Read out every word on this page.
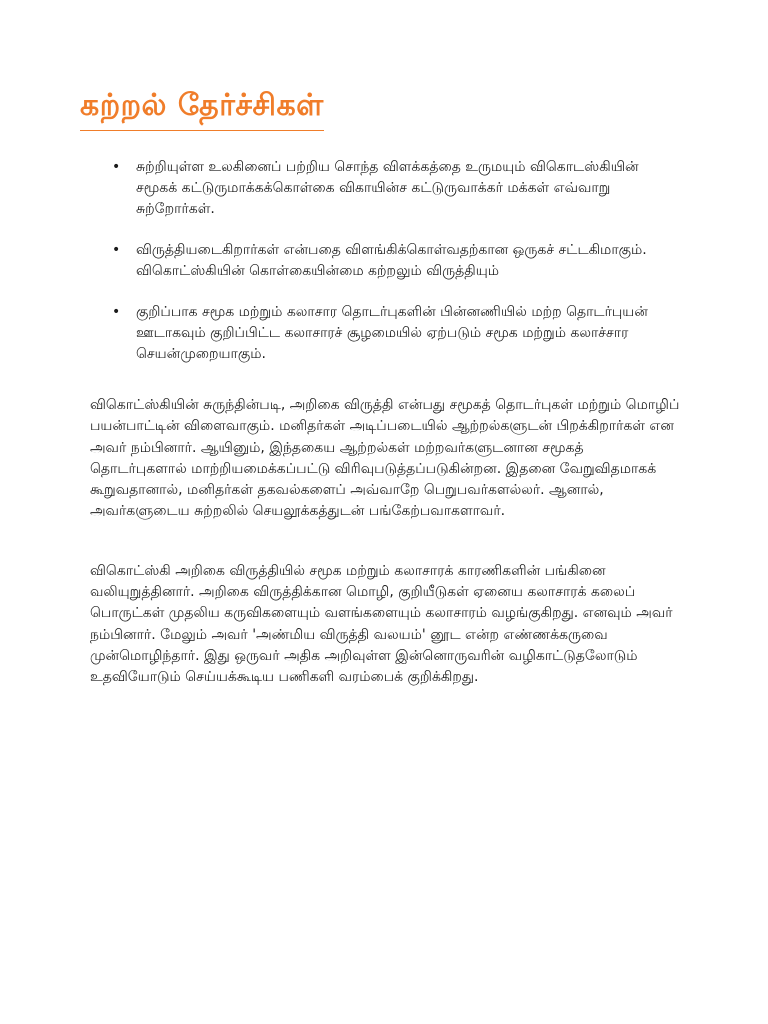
கற்றல் தேர்ச்சிகள்
• சுற்றியுள்ள உலகினைப் பற்றிய சொந்த விளக்கத்தை உருமயும் விகொடஸ்கியின் சமூகக் கட்டுருமாக்கக்கொள்கை விகாயின்ச கட்டுருவாக்கர் மக்கள் எவ்வாறு சுற்றோர்கள்.
• விருத்தியடைகிறார்கள் என்பதை விளங்கிக்கொள்வதற்கான ஒருகச் சட்டகிமாகும். விகொட்ஸ்கியின் கொள்கையின்மை கற்றலும் விருத்தியும்
• குறிப்பாக சமூக மற்றும் கலாசார தொடர்புகளின் பின்னணியில் மற்ற தொடர்புயன் ஊடாகவும் குறிப்பிட்ட கலாசாரச் சூழமையில் ஏற்படும் சமூக மற்றும் கலாச்சார செயன்முறையாகும்.

விகொட்ஸ்கியின் சுருந்தின்படி, அறிகை விருத்தி என்பது சமூகத் தொடர்புகள் மற்றும் மொழிப் பயன்பாட்டின் விளைவாகும். மனிதர்கள் அடிப்படையில் ஆற்றல்களுடன் பிறக்கிறார்கள் என அவர் நம்பினார். ஆயினும், இந்தகைய ஆற்றல்கள் மற்றவர்களுடனான சமூகத் தொடர்புகளால் மாற்றியமைக்கப்பட்டு விரிவுபடுத்தப்படுகின்றன. இதனை வேறுவிதமாகக் கூறுவதானால், மனிதர்கள் தகவல்களைப் அவ்வாறே பெறுபவர்களல்லர். ஆனால், அவர்களுடைய சுற்றலில் செயலூக்கத்துடன் பங்கேற்பவாகளாவர்.

விகொட்ஸ்கி அறிகை விருத்தியில் சமூக மற்றும் கலாசாரக் காரணிகளின் பங்கினை வலியுறுத்தினார். அறிகை விருத்திக்கான மொழி, குறியீடுகள் ஏனைய கலாசாரக் கலைப் பொருட்கள் முதலிய கருவிகளையும் வளங்களையும் கலாசாரம் வழங்குகிறது. எனவும் அவர் நம்பினார். மேலும் அவர் 'அண்மிய விருத்தி வலயம்' னூட என்ற எண்ணக்கருவை முன்மொழிந்தார். இது ஒருவர் அதிக அறிவுள்ள இன்னொருவரின் வழிகாட்டுதலோடும் உதவியோடும் செய்யக்கூடிய பணிகளி வரம்பைக் குறிக்கிறது.
